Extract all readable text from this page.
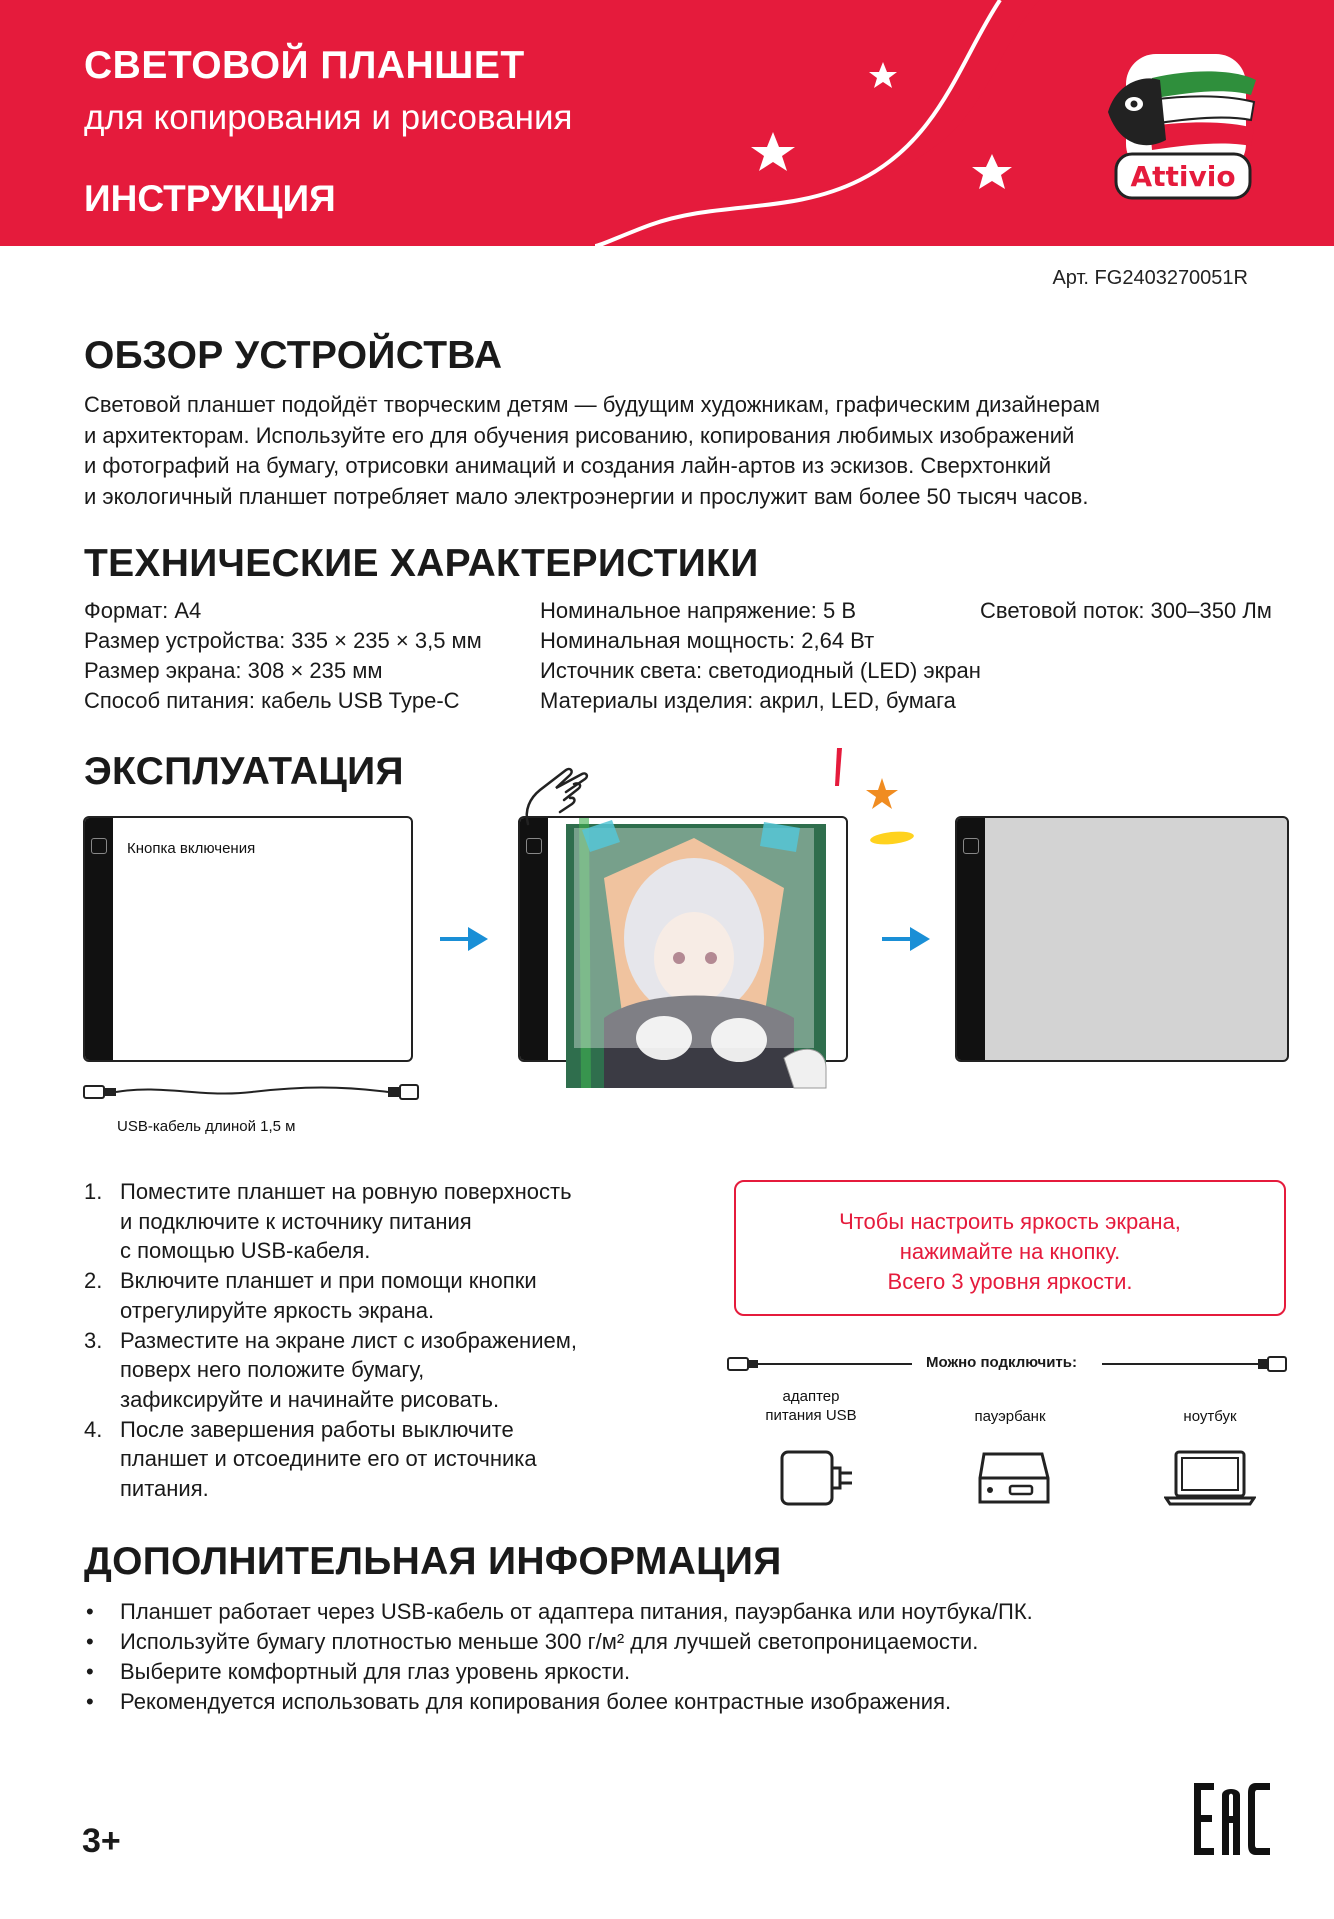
СВЕТОВОЙ ПЛАНШЕТ
для копирования и рисования
ИНСТРУКЦИЯ
Attivio
Арт. FG2403270051R
ОБЗОР УСТРОЙСТВА
Световой планшет подойдёт творческим детям — будущим художникам, графическим дизайнерам
и архитекторам. Используйте его для обучения рисованию, копирования любимых изображений
и фотографий на бумагу, отрисовки анимаций и создания лайн-артов из эскизов. Сверхтонкий
и экологичный планшет потребляет мало электроэнергии и прослужит вам более 50 тысяч часов.
ТЕХНИЧЕСКИЕ ХАРАКТЕРИСТИКИ
Формат: А4
Размер устройства: 335 × 235 × 3,5 мм
Размер экрана: 308 × 235 мм
Способ питания: кабель USB Type-C
Номинальное напряжение: 5 В
Номинальная мощность: 2,64 Вт
Источник света: светодиодный (LED) экран
Материалы изделия: акрил, LED, бумага
Световой поток: 300–350 Лм
ЭКСПЛУАТАЦИЯ
Кнопка включения
USB-кабель длиной 1,5 м
1. Поместите планшет на ровную поверхность
и подключите к источнику питания
с помощью USB-кабеля.
2. Включите планшет и при помощи кнопки
отрегулируйте яркость экрана.
3. Разместите на экране лист с изображением,
поверх него положите бумагу,
зафиксируйте и начинайте рисовать.
4. После завершения работы выключите
планшет и отсоедините его от источника
питания.
Чтобы настроить яркость экрана,
нажимайте на кнопку.
Всего 3 уровня яркости.
Можно подключить:
адаптер
питания USB	пауэрбанк	ноутбук
ДОПОЛНИТЕЛЬНАЯ ИНФОРМАЦИЯ
• Планшет работает через USB-кабель от адаптера питания, пауэрбанка или ноутбука/ПК.
• Используйте бумагу плотностью меньше 300 г/м² для лучшей светопроницаемости.
• Выберите комфортный для глаз уровень яркости.
• Рекомендуется использовать для копирования более контрастные изображения.
3+
